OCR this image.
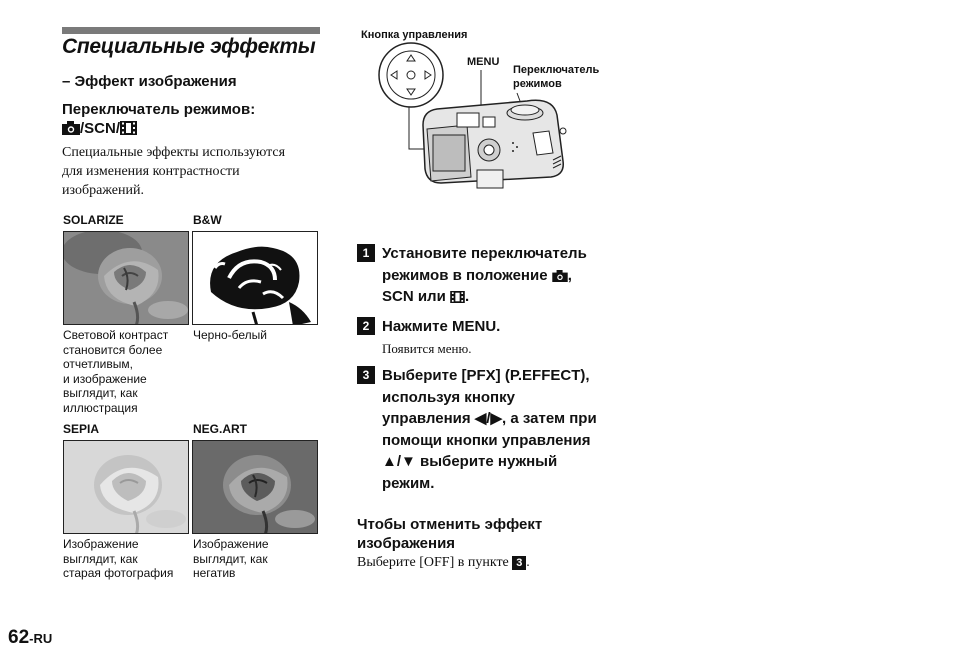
Специальные эффекты
– Эффект изображения
Переключатель режимов:
/SCN/
Специальные эффекты используются для изменения контрастности изображений.
SOLARIZE	B&W
Световой контраст
становится более
отчетливым,
и изображение
выглядит, как
иллюстрация
Черно-белый
SEPIA	NEG.ART
Изображение
выглядит, как
старая фотография
Изображение
выглядит, как
негатив
Кнопка управления
MENU
Переключатель
режимов
1 Установите переключатель
режимов в положение ,
SCN или .
2 Нажмите MENU.
Появится меню.
3 Выберите [PFX] (P.EFFECT),
используя кнопку
управления ◀/▶, а затем при
помощи кнопки управления
▲/▼ выберите нужный
режим.
Чтобы отменить эффект
изображения
Выберите [OFF] в пункте 3 .
62-RU
